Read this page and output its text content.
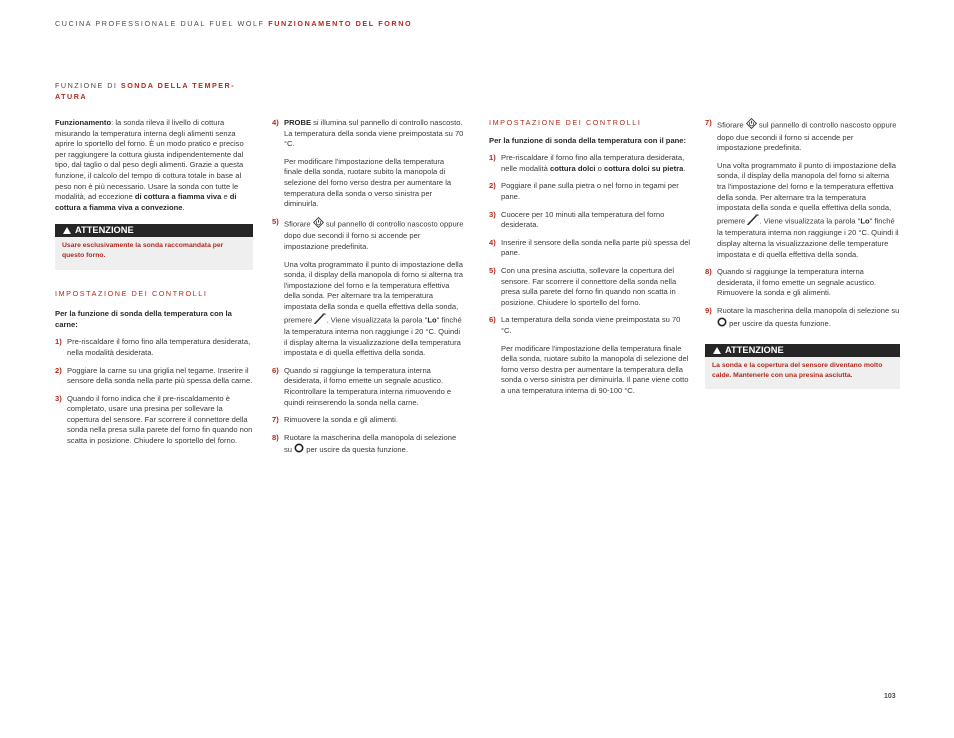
CUCINA PROFESSIONALE DUAL FUEL WOLF FUNZIONAMENTO DEL FORNO
FUNZIONE DI SONDA DELLA TEMPER-ATURA

Funzionamento: la sonda rileva il livello di cottura misurando la temperatura interna degli alimenti senza aprire lo sportello del forno. È un modo pratico e preciso per raggiungere la cottura giusta indipendentemente dal tipo, dal taglio o dal peso degli alimenti. Grazie a questa funzione, il calcolo del tempo di cottura totale in base al peso non è più necessario. Usare la sonda con tutte le modalità, ad eccezione di cottura a fiamma viva e di cottura a fiamma viva a convezione.

ATTENZIONE
Usare esclusivamente la sonda raccomandata per questo forno.

IMPOSTAZIONE DEI CONTROLLI

Per la funzione di sonda della temperatura con la carne:

1) Pre-riscaldare il forno fino alla temperatura desiderata, nella modalità desiderata.
2) Poggiare la carne su una griglia nel tegame. Inserire il sensore della sonda nella parte più spessa della carne.
3) Quando il forno indica che il pre-riscaldamento è completato, usare una presina per sollevare la copertura del sensore. Far scorrere il connettore della sonda nella presa sulla parete del forno fin quando non scatta in posizione. Chiudere lo sportello del forno.
4) PROBE si illumina sul pannello di controllo nascosto. La temperatura della sonda viene preimpostata su 70 °C.

Per modificare l'impostazione della temperatura finale della sonda, ruotare subito la manopola di selezione del forno verso destra per aumentare la temperatura della sonda o verso sinistra per diminuirla.

5) Sfiorare  sul pannello di controllo nascosto oppure dopo due secondi il forno si accende per impostazione predefinita.

Una volta programmato il punto di impostazione della sonda, il display della manopola di forno si alterna tra l'impostazione del forno e la temperatura effettiva della sonda. Per alternare tra la temperatura impostata della sonda e quella effettiva della sonda, premere . Viene visualizzata la parola "Lo" finché la temperatura interna non raggiunge i 20 °C. Quindi il display alterna la visualizzazione della temperatura impostata e di quella effettiva della sonda.

6) Quando si raggiunge la temperatura interna desiderata, il forno emette un segnale acustico. Ricontrollare la temperatura interna rimuovendo e quindi reinserendo la sonda nella carne.
7) Rimuovere la sonda e gli alimenti.
8) Ruotare la mascherina della manopola di selezione su  per uscire da questa funzione.

IMPOSTAZIONE DEI CONTROLLI

Per la funzione di sonda della temperatura con il pane:

1) Pre-riscaldare il forno fino alla temperatura desiderata, nelle modalità cottura dolci o cottura dolci su pietra.
2) Poggiare il pane sulla pietra o nel forno in tegami per pane.
3) Cuocere per 10 minuti alla temperatura del forno desiderata.
4) Inserire il sensore della sonda nella parte più spessa del pane.
5) Con una presina asciutta, sollevare la copertura del sensore. Far scorrere il connettore della sonda nella presa sulla parete del forno fin quando non scatta in posizione. Chiudere lo sportello del forno.
6) La temperatura della sonda viene preimpostata su 70 °C.

Per modificare l'impostazione della temperatura finale della sonda, ruotare subito la manopola di selezione del forno verso destra per aumentare la temperatura della sonda o verso sinistra per diminuirla. Il pane viene cotto a una temperatura interna di 90-100 °C.

7) Sfiorare  sul pannello di controllo nascosto oppure dopo due secondi il forno si accende per impostazione predefinita.

Una volta programmato il punto di impostazione della sonda, il display della manopola del forno si alterna tra l'impostazione del forno e la temperatura effettiva della sonda. Per alternare tra la temperatura impostata della sonda e quella effettiva della sonda, premere . Viene visualizzata la parola "Lo" finché la temperatura interna non raggiunge i 20 °C. Quindi il display alterna la visualizzazione delle temperature impostata e di quella effettiva della sonda.

8) Quando si raggiunge la temperatura interna desiderata, il forno emette un segnale acustico. Rimuovere la sonda e gli alimenti.
9) Ruotare la mascherina della manopola di selezione su  per uscire da questa funzione.
ATTENZIONE
La sonda e la copertura del sensore diventano molto calde. Mantenerle con una presina asciutta.
103
